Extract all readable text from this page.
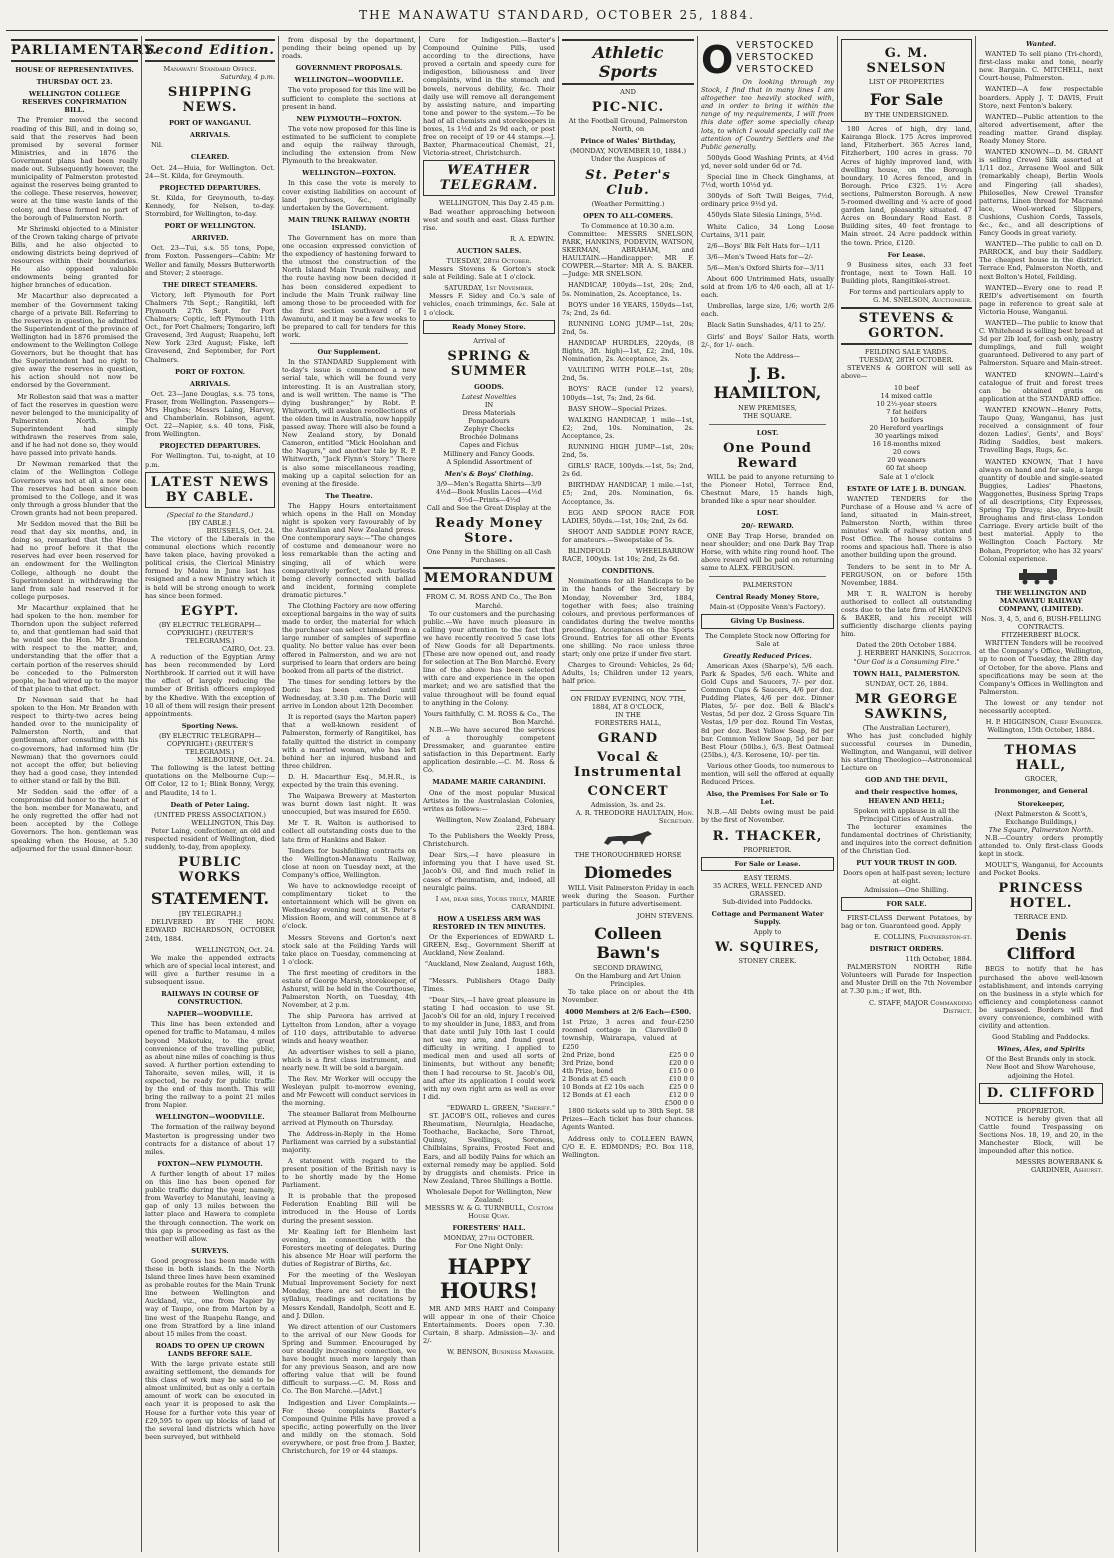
THE MANAWATU STANDARD, OCTOBER 25, 1884.
PARLIAMENTARY.
HOUSE OF REPRESENTATIVES.
THURSDAY OCT. 23.
WELLINGTON COLLEGE RESERVES CONFIRMATION BILL.

The Premier moved the second reading of this Bill, and in doing so, said that the reserves had been promised by several former Ministries, and in 1876 the Government plans had been really made out. Subsequently however, the municipality of Palmerston protested against the reserves being granted to the college. These reserves, however, were at the time waste lands of the colony, and these formed no part of the borough of Palmerston North.

Mr Shrimski objected to a Minister of the Crown taking charge of private Bills, and he also objected to endowing districts being deprived of resources within their boundaries. He also opposed valuable endowments being granted for higher branches of education.

Mr Macarthur also deprecated a member of the Government taking charge of a private Bill. Referring to the reserves in question, he admitted the Superintendent of the province of Wellington had in 1876 promised the endowment to the Wellington College Governors, but he thought that has the Superintendent had no right to give away the reserves in question, his action should not now be endorsed by the Government.

Mr Rolleston said that was a matter of fact the reserves in question were never belonged to the municipality of Palmerston North. The Superintendent had simply withdrawn the reserves from sale, and if he had not done so, they would have passed into private hands.

Dr Newman remarked that the claim of the Wellington College Governors was not at all a new one. The reserves had been since been promised to the College, and it was only through a gross blunder that the Crown grants had not been prepared.

Mr Seddon moved that the Bill be read that day six months, and, in doing so, remarked that the House had no proof before it that the reserves had ever been reserved for an endowment for the Wellington College, although no doubt the Superintendent in withdrawing the land from sale had reserved it for college purposes.

Mr Macarthur explained that he had spoken to the hon. member for Thorndon upon the subject referred to, and that gentleman had said that he would see the Hon. Mr Brandon with respect to the matter, and, understanding that the offer that a certain portion of the reserves should be conceded to the Palmerston people, he had wired up to the mayor of that place to that effect.

Dr Newman said that he had spoken to the Hon. Mr Brandon with respect to thirty-two acres being handed over to the municipality of Palmerston North, and that gentleman, after consulting with his co-governors, had informed him (Dr Newman) that the governors could not accept the offer, but believing they had a good case, they intended to either stand or fall by the Bill.

Mr Seddon said the offer of a compromise did honor to the heart of the hon. member for Manawatu, and he only regretted the offer had not been accepted by the College Governors. The hon. gentleman was speaking when the House, at 5.30 adjourned for the usual dinner-hour.

Second Edition.
Manawatu Standard Office.
Saturday, 4 p.m.
SHIPPING NEWS.
PORT OF WANGANUI.
ARRIVALS.

Nil.

CLEARED.

Oct. 24—Huia, for Wellington. Oct. 24—St. Kilda, for Greymouth.

PROJECTED DEPARTURES.

St. Kilda, for Greymouth, to-day. Kennedy, for Nelson, to-day. Stormbird, for Wellington, to-day.

PORT OF WELLINGTON.
ARRIVED.

Oct. 23—Tui, s.s. 55 tons, Pope, from Foxton. Passengers—Cabin: Mr Weller and family, Messrs Butterworth and Stover; 2 steerage.

THE DIRECT STEAMERS.

Victory, left Plymouth for Port Chalmers 7th Sept.; Rangitiki, left Plymouth 27th Sept. for Port Chalmers; Coptic, left Plymouth 11th Oct., for Port Chalmers; Tongariro, left Gravesend, 3rd August; Ruapehu, left New York 23rd August; Fiske, left Gravesend, 2nd September, for Port Chalmers.

PORT OF FOXTON.
ARRIVALS.

Oct. 23—Jane Douglas, s.s. 75 tons, Fraser, from Wellington. Passengers—Mrs Hughes; Messrs Laing, Harvey, and Chamberlain. Robinson, agent. Oct. 22—Napier, s.s. 40 tons, Fisk, from Wellington.

PROJECTED DEPARTURES.

For Wellington. Tui, to-night, at 10 p.m.

LATEST NEWS BY CABLE.
(Special to the Standard.)
[BY CABLE.]
BRUSSELS, Oct. 24.

The victory of the Liberals in the communal elections which recently have taken place, having provoked a political crisis, the Clerical Ministry formed by Malou in June last has resigned and a new Ministry which it is held will be strong enough to work has since been formed.

EGYPT.
(BY ELECTRIC TELEGRAPH—COPYRIGHT.) (REUTER'S TELEGRAMS.)
CAIRO, Oct. 23.

A reduction of the Egyptian Army has been recommended by Lord Northbrook. If carried out it will have the effect of largely reducing the number of British officers employed by the Khedive. With the exception of 10 all of them will resign their present appointments.

Sporting News.
(BY ELECTRIC TELEGRAPH—COPYRIGHT.) (REUTER'S TELEGRAMS.)
MELBOURNE, Oct. 24.

The following is the latest betting quotations on the Melbourne Cup:—Off Color, 12 to 1; Blink Bonny, Vergy, and Plaudite, 14 to 1.

Death of Peter Laing.
(UNITED PRESS ASSOCIATION.)
WELLINGTON, This Day.

Peter Laing, confectioner, an old and respected resident of Wellington, died suddenly, to-day, from apoplexy.

PUBLIC WORKS
STATEMENT.
[BY TELEGRAPH.]

DELIVERED BY THE HON. EDWARD RICHARDSON, OCTOBER 24th, 1884.

WELLINGTON, Oct. 24.

We make the appended extracts which are of special local interest, and will give a further resume in a subsequent issue.

RAILWAYS IN COURSE OF CONSTRUCTION.
NAPIER—WOODVILLE.

This line has been extended and opened for traffic to Matamau, 4 miles beyond Makotuku, to the great convenience of the travelling public, as about nine miles of coaching is thus saved. A further portion extending to Tahoraite, seven miles, will, it is expected, be ready for public traffic by the end of this month. This will bring the railway to a point 21 miles from Napier.

WELLINGTON—WOODVILLE.

The formation of the railway beyond Masterton is progressing under two contracts for a distance of about 17 miles.

FOXTON—NEW PLYMOUTH.

A further length of about 17 miles on this line has been opened for public traffic during the year, namely, from Waverley to Manutahi, leaving a gap of only 13 miles between the latter place and Hawera to complete the through connection. The work on this gap is proceeding as fast as the weather will allow.

SURVEYS.

Good progress has been made with these in both islands. In the North Island three lines have been examined as probable routes for the Main Trunk line between Wellington and Auckland, viz., one from Napier by way of Taupo, one from Marton by a line west of the Ruapehu Range, and one from Stratford by a line inland about 15 miles from the coast.

ROADS TO OPEN UP CROWN LANDS BEFORE SALE.

With the large private estate still awaiting settlement, the demands for this class of work may be said to be almost unlimited, but as only a certain amount of work can be executed in each year it is proposed to ask the House for a further vote this year of £29,595 to open up blocks of land of the several land districts which have been surveyed, but withheld

from disposal by the department, pending their being opened up by roads.

GOVERNMENT PROPOSALS.
WELLINGTON—WOODVILLE.

The vote proposed for this line will be sufficient to complete the sections at present in hand.

NEW PLYMOUTH—FOXTON.

The vote now proposed for this line is estimated to be sufficient to complete and equip the railway through, including the extension from New Plymouth to the breakwater.

WELLINGTON—FOXTON.

In this case the vote is merely to cover existing liabilities on account of land purchases, &c., originally undertaken by the Government.

MAIN TRUNK RAILWAY (NORTH ISLAND).

The Government has on more than one occasion expressed conviction of the expediency of hastening forward to the utmost the construction of the North Island Main Trunk railway, and the route having now been decided it has been considered expedient to include the Main Trunk railway line among those to be proceeded with for the first section southward of Te Awamutu, and it may be a few weeks to be prepared to call for tenders for this work.

Our Supplement.

In the STANDARD Supplement with to-day's issue is commenced a new serial tale, which will be found very interesting. It is an Australian story, and is well written. The name is "The dying bushranger," by Robt. P. Whitworth, will awaken recollections of the olden time in Australia, now happily passed away. There will also be found a New Zealand story, by Donald Cameron, entitled "Mick Hoolahan and the Nagurs," and another tale by R. P. Whitworth, "Jack Flynn's Story." There is also some miscellaneous reading, making up a capital selection for an evening at the fireside.

The Theatre.

The Happy Hours entertainment which opens in the Hall on Monday night is spoken very favourably of by the Australian and New Zealand press. One contemporary says:—"The changes of costume and demeanour were no less remarkable than the acting and singing, all of which were comparatively perfect, each burlesta being cleverly connected with ballad and incident, forming complete dramatic pictures."

The Clothing Factory are now offering exceptional bargains in the way of suits made to order, the material for which the purchaser can select himself from a large number of samples of superfine quality. No better value has ever been offered in Palmerston, and we are not surprised to learn that orders are being booked from all parts of the district.

The times for sending letters by the Doric has been extended until Wednesday, at 3.30 p.m. The Doric will arrive in London about 12th December.

It is reported (says the Marton paper) that a well-known resident of Palmerston, formerly of Rangitikei, has fatally quitted the district in company with a married woman, who has left behind her an injured husband and three children.

D. H. Macarthur Esq., M.H.R., is expected by the train this evening.

The Waipawa Brewery at Masterton was burnt down last night. It was unoccupied, but was insured for £650.

Mr T. R. Walton is authorised to collect all outstanding costs due to the late firm of Hankins and Baker.

Tenders for bushfelling contracts on the Wellington-Manawatu Railway, close at noon on Tuesday next, at the Company's office, Wellington.

We have to acknowledge receipt of complimentary ticket to the entertainment which will be given on Wednesday evening next, at St. Peter's Mission Room, and will commence at 8 o'clock.

Messrs Stevens and Gorton's next stock sale at the Feilding Yards will take place on Tuesday, commencing at 1 o'clock.

The first meeting of creditors in the estate of George Marsh, storekeeper, of Ashurst, will be held in the Courthouse, Palmerston North, on Tuesday, 4th November, at 2 p.m.

The ship Pareora has arrived at Lyttelton from London, after a voyage of 110 days, attributable to adverse winds and heavy weather.

An advertiser wishes to sell a piano, which is a first class instrument, and nearly new. It will be sold a bargain.

The Rev. Mr Worker will occupy the Wesleyan pulpit to-morrow evening, and Mr Fewcett will conduct services in the morning.

The steamer Ballarat from Melbourne arrived at Plymouth on Thursday.

The Address-in-Reply in the Home Parliament was carried by a substantial majority.

A statement with regard to the present position of the British navy is to be shortly made by the Home Parliament.

It is probable that the proposed Federation Enabling Bill will be introduced in the House of Lords during the present session.

Mr Kealing left for Blenheim last evening, in connection with the Foresters meeting of delegates. During his absence Mr Hoar will perform the duties of Registrar of Births, &c.

For the meeting of the Wesleyan Mutual Improvement Society for next Monday, there are set down in the syllabus, readings and recitations by Messrs Kendall, Randolph, Scott and E. and J. Dillon.

We direct attention of our Customers to the arrival of our New Goods for Spring and Summer. Encouraged by our steadily increasing connection, we have bought much more largely than for any previous Season, and are now offering value that will be found difficult to surpass.—C. M. Ross and Co. The Bon Marché.—[Advt.]

Indigestion and Liver Complaints.—For these complaints Baxter's Compound Quinine Pills have proved a specific, acting powerfully on the liver and mildly on the stomach. Sold everywhere, or post free from J. Baxter, Christchurch, for 19 or 44 stamps.

Cure for Indigestion.—Baxter's Compound Quinine Pills, used according to the directions, have proved a certain and speedy cure for indigestion, biliousness and liver complaints, wind in the stomach and bowels, nervous debility, &c. Their daily use will remove all derangement by assisting nature, and imparting tone and power to the system.—To be had of all chemists and storekeepers in boxes, 1s 1½d and 2s 9d each, or post free on receipt of 19 or 44 stamps.—J. Baxter, Pharmaceutical Chemist, 21, Victoria-street, Christchurch.

WEATHER TELEGRAM.
WELLINGTON, This Day 2.45 p.m.

Bad weather approaching between west and south and east. Glass further rise.

R. A. EDWIN.
AUCTION SALES.
TUESDAY, 28th October.

Messrs Stevens & Gorton's stock sale at Feilding. Sale at 1 o'clock.

SATURDAY, 1st November.

Messrs F. Sidey and Co.'s sale of vehicles, coach trimmings, &c. Sale at 1 o'clock.

Ready Money Store.
Arrival of
SPRING & SUMMER
GOODS.
Latest Novelties
IN
Dress Materials
Pompadours
Zephyr Checks
Brochée Dolmans
Capes and Fichus
Millinery and Fancy Goods.
A Splendid Assortment of
Men's & Boys' Clothing.
3/9—Men's Regatta Shirts—3/9
4½d—Book Muslin Laces—4½d
4½d—Prints—4½d
Call and See the Great Display at the
Ready Money Store.
One Penny in the Shilling on all Cash Purchases.
MEMORANDUM
FROM C. M. ROSS AND Co., The Bon Marché.

To our customers and the purchasing public.—We have much pleasure in calling your attention to the fact that we have recently received 5 case lots of New Goods for all Departments. [These are now opened out, and ready for selection at The Bon Marché. Every line of the above has been selected with care and experience in the open market; and we are satisfied that the value throughout will be found equal to anything in the Colony.

Yours faithfully, C. M. ROSS & Co., The Bon Marché.

N.B.—We have secured the services of a thoroughly competent Dressmaker, and guarantee entire satisfaction in this Department. Early application desirable.—C. M. Ross & Co.

MADAME MARIE CARANDINI.

One of the most popular Musical Artistes in the Australasian Colonies, writes as follows:—

Wellington, New Zealand, February 23rd, 1884.

To the Publishers the Weekly Press, Christchurch.

Dear Sirs,—I have pleasure in informing you that I have used St. Jacob's Oil, and find much relief in cases of rheumatism, and, indeed, all neuralgic pains.

I am, dear sirs, Yours truly, MARIE CARANDINI.
HOW A USELESS ARM WAS RESTORED IN TEN MINUTES.

Or the Experiences of EDWARD L. GREEN, Esq., Government Sheriff at Auckland, New Zealand.

"Auckland, New Zealand, August 16th, 1883.

"Messrs. Publishers Otago Daily Times.

"Dear Sirs,—I have great pleasure in stating I had occasion to use St. Jacob's Oil for an old, injury I received to my shoulder in June, 1883, and from that date until July 10th last I could not use my arm, and found great difficulty in writing. I applied to medical men and used all sorts of liniments, but without any benefit; then I had recourse to St. Jacob's Oil, and after its application I could work with my own right arm as well as ever I did.

"EDWARD L. GREEN, "Sheriff."

ST. JACOB'S OIL, relieves and cures Rheumatism, Neuralgia, Headache, Toothache, Backache, Sore Throat, Quinsy, Swellings, Soreness, Chilblains, Sprains, Frosted Feet and Ears, and all bodily Pains for which an external remedy may be applied. Sold by druggists and chemists. Price in New Zealand, Three Shillings a Bottle.

Wholesale Depot for Wellington, New Zealand:
MESSRS W. & G. TURNBULL, Custom House Quay.
FORESTERS' HALL.
MONDAY, 27th OCTOBER.
For One Night Only:
HAPPY HOURS!

MR AND MRS HART and Company will appear in one of their Choice Entertainments. Doors open 7.30. Curtain, 8 sharp. Admission—3/- and 2/-

W. BENSON, Business Manager.
Athletic Sports
AND
PIC-NIC.
At the Football Ground, Palmerston North, on
Prince of Wales' Birthday,
(MONDAY, NOVEMBER 10, 1884.)
Under the Auspices of
St. Peter's Club.
(Weather Permitting.)
OPEN TO ALL-COMERS.
To Commence at 10.30 a.m.

Committee: MESSRS SNELSON, PARK, HANKINS, PODEVIN, WATSON, SKERMAN, ABRAHAM, and HAULTAIN.—Handicapper: MR F. COWPER.—Starter: MR A. S. BAKER.—Judge: MR SNELSON.

HANDICAP, 100yds—1st, 20s; 2nd, 5s. Nomination, 2s. Acceptance, 1s.

BOYS under 16 YEARS, 150yds—1st, 7s; 2nd, 2s 6d.

RUNNING LONG JUMP—1st, 20s; 2nd, 5s.

HANDICAP HURDLES, 220yds, (8 flights, 3ft. high)—1st, £2; 2nd, 10s. Nomination, 2s. Acceptance, 2s.

VAULTING WITH POLE—1st, 20s; 2nd, 5s.

BOYS' RACE (under 12 years), 100yds—1st, 7s; 2nd, 2s 6d.

BASY SHOW—Special Prizes.

WALKING HANDICAP, 1 mile—1st, £2; 2nd, 10s. Nomination, 2s. Acceptance, 2s.

RUNNING HIGH JUMP—1st, 20s; 2nd, 5s.

GIRLS' RACE, 100yds.—1st, 5s; 2nd, 2s 6d.

BIRTHDAY HANDICAP, 1 mile.—1st, £5; 2nd, 20s. Nomination, 6s. Acceptance, 3s.

EGG AND SPOON RACE FOR LADIES, 50yds.—1st, 10s; 2nd, 2s 6d.

SHOOT AND SADDLE PONY RACE, for amateurs.—Sweepstake of 5s.

BLINDFOLD WHEELBARROW RACE, 100yds. 1st 10s; 2nd, 2s 6d.

CONDITIONS.

Nominations for all Handicaps to be in the hands of the Secretary by Monday, November 3rd, 1884, together with fees; also training colours, and previous performances of candidates during the twelve months preceding. Acceptances on the Sports Ground. Entries for all other Events one shilling. No race unless three start; only one prize if under five start.

Charges to Ground: Vehicles, 2s 6d; Adults, 1s; Children under 12 years, half price.

ON FRIDAY EVENING, NOV. 7TH, 1884, AT 8 O'CLOCK,
IN THE
FORESTERS HALL,
GRAND
Vocal & Instrumental
CONCERT
Admission, 3s. and 2s.
A. R. THEODORE HAULTAIN, Hon. Secretary.
THE THOROUGHBRED HORSE
Diomedes

WILL Visit Palmerston Friday in each week during the Season. Further particulars in future advertisement.

JOHN STEVENS.
Colleen Bawn's
SECOND DRAWING,
On the Hamburg and Art Union Principles.

To take place on or about the 4th November.

4000 Members at 2/6 Each—£500.
1st Prize, 3 acres and four-roomed cottage in Clareville township, Wairarapa, valued at £250
£250 0 0
2nd Prize, bond	£25 0 0
3rd Prize, bond	£20 0 0
4th Prize, bond	£15 0 0
2 Bonds at £5 each	£10 0 0
10 Bonds at £2 10s each	£25 0 0
12 Bonds at £1 each	£12 0 0
£500 0 0

1800 tickets sold up to 30th Sept. 58 Prizes—Each ticket has four chances. Agents Wanted.

Address only to COLLEEN BAWN, C/O E. E. EDMONDS; P.O. Box 118, Wellington.

O VERSTOCKED
VERSTOCKED
VERSTOCKED

On looking through my Stock, I find that in many lines I am altogether too heavily stocked with, and in order to bring it within the range of my requirements, I will from this date offer some specially cheap lots, to which I would specially call the attention of Country Settlers and the Public generally.

500yds Good Washing Prints, at 4½d yd, never sold under 6d or 7d.

Special line in Check Ginghams, at 7½d, worth 10½d yd.

300yds of Soft Twill Beiges, 7½d, ordinary price 9½d yd.

450yds Slate Silesia Linings, 5½d.

White Calico, 34 Long Loose Curtains, 3/11 pair.

2/6—Boys' Blk Felt Hats for—1/11

3/6—Men's Tweed Hats for—2/-

5/6—Men's Oxford Shirts for—3/11

About 600 Untrimmed Hats, usually sold at from 1/6 to 4/6 each, all at 1/- each.

Umbrellas, large size, 1/6; worth 2/6 each.

Black Satin Sunshades, 4/11 to 25/.

Girls' and Boys' Sailor Hats, worth 2/-, for 1/- each.

Note the Address—
J. B. HAMILTON,
NEW PREMISES,
THE SQUARE.
LOST.
One Pound Reward

WILL be paid to anyone returning to the Pioneer Hotel, Terrace End, Chestnut Mare, 15 hands high, branded like a spur near shoulder.

LOST.
20/- REWARD.

ONE Bay Trap Horse, branded on near shoulder; and one Dark Bay Trap Horse, with white ring round hoof. The above reward will be paid on returning same to ALEX. FERGUSON.

PALMERSTON
Central Ready Money Store,
Main-st (Opposite Venn's Factory).
Giving Up Business.
The Complete Stock now Offering for Sale at
Greatly Reduced Prices.

American Axes (Sharpe's), 5/6 each. Park & Spades, 5/6 each. White and Gold Cups and Saucers, 7/- per doz. Common Cups & Saucers, 4/6 per doz. Pudding Plates, 4/6 per doz. Dinner Plates, 5/- per doz. Bell & Black's Vestas, 5d per doz. 2 Gross Square Tin Vestas, 1/9 per doz. Round Tin Vestas, 8d per doz. Best Yellow Soap, 8d per bar. Common Yellow Soap, 5d per bar. Best Flour (50lbs.), 6/3. Best Oatmeal (25lbs.), 4/3. Kerosene, 10/- per tin.

Various other Goods, too numerous to mention, will sell the offered at equally Reduced Prices.

Also, the Premises For Sale or To Let.

N.B.—All Debts owing must be paid by the first of November.

R. THACKER,
PROPRIETOR.
For Sale or Lease.
EASY TERMS.
35 ACRES, WELL FENCED AND GRASSED.
Sub-divided into Paddocks.
Cottage and Permanent Water Supply.
Apply to
W. SQUIRES,
STONEY CREEK.
G. M. SNELSON
LIST OF PROPERTIES
For Sale
BY THE UNDERSIGNED.

180 Acres of high, dry land, Kairanga Block. 175 Acres improved land, Fitzherbert. 365 Acres land, Fitzherbert, 100 acres in grass. 70 Acres of highly improved land, with dwelling house, on the Borough boundary. 10 Acres fenced, and in Borough. Price £325. 1½ Acre sections, Palmerston Borough. A new 5-roomed dwelling and ¼ acre of good garden land, pleasantly situated. 47 Acres on Boundary Road East. 8 Building sites, 40 feet frontage to Main street. 24 Acre paddock within the town. Price, £120.

For Lease.

9 Business sites, each 33 feet frontage, next to Town Hall. 10 Building plots, Rangitikei-street.

For terms and particulars apply to
G. M. SNELSON, Auctioneer.
STEVENS & GORTON.
FEILDING SALE YARDS.
TUESDAY, 28TH OCTOBER.

STEVENS & GORTON will sell as above—

10 beef
14 mixed cattle
10 2½-year steers
7 fat heifers
10 heifers
20 Hereford yearlings
30 yearlings mixed
16 18-months mixed
20 cows
20 weaners
60 fat sheep
Sale at 1 o'clock
ESTATE OF LATE J. B. DUNGAN.

WANTED TENDERS for the Purchase of a House and ¼ acre of land, situated in Main-street, Palmerston North, within three minutes' walk of railway station and Post Office. The house contains 5 rooms and spacious hall. There is also another building upon the ground.

Tenders to be sent in to Mr A. FERGUSON, on or before 15th November, 1884.

MR T. R. WALTON is hereby authorised to collect all outstanding costs due to the late firm of HANKINS & BAKER, and his receipt will sufficiently discharge clients paying him.

Dated the 20th October 1884.
J. HERBERT HANKINS, Solicitor.
"Our God is a Consuming Fire."
TOWN HALL, PALMERSTON.
SUNDAY, OCT. 26, 1884.
MR GEORGE SAWKINS,
(The Australian Lecturer),

Who has just concluded highly successful courses in Dunedin, Wellington, and Wanganui, will deliver his startling Theologico—Astronomical Lecture on

GOD AND THE DEVIL,
and their respective homes, HEAVEN AND HELL;
Spoken with applause in all the Principal Cities of Australia.

The lecturer examines the fundamental doctrines of Christianity, and inquires into the correct definition of the Christian God.

PUT YOUR TRUST IN GOD.
Doors open at half-past seven; lecture at eight.
Admission—One Shilling.
FOR SALE.

FIRST-CLASS Derwent Potatoes, by bag or ton. Guaranteed good. Apply

E. COLLINS, Featherston-st.
DISTRICT ORDERS.
11th October, 1884.

PALMERSTON NORTH Rifle Volunteers will Parade for Inspection and Muster Drill on the 7th November at 7.30 p.m.; if wet, 8th.

C. STAFF, MAJOR Commanding District.
Wanted.

WANTED To sell piano (Tri-chord), first-class make and tone, nearly new. Bargain. C. MITCHELL, next Court-house, Palmerston.

WANTED—A few respectable boarders. Apply J. T. DAVIS, Fruit Store, next Fenton's bakery.

WANTED—Public attention to the altered advertisement, after the reading matter. Grand display. Ready Money Store.

WANTED KNOWN—D. M. GRANT is selling Crewel Silk assorted at 1/11 doz., Arrasene Wool and Silk (remarkably cheap), Berlin Wools and Fingering (all shades), Philoselles, New Crewel Transfer patterns, Linen thread for Macramé lace, Wool-worked Slippers, Cushions, Cushion Cords, Tassels, &c., &c., and all descriptions of Fancy Goods in great variety.

WANTED—The public to call on D. PARROCK, and buy their Saddlery. The cheapest house in the district. Terrace End, Palmerston North, and next Bolton's Hotel, Feilding.

WANTED—Every one to read P. REID's advertisement on fourth page in reference to great sale at Victoria House, Wanganui.

WANTED—The public to know that C. Whitehead is selling best bread at 3d per 2lb loaf, for cash only, pastry dumplings, and full weight guaranteed. Delivered to any part of Palmerston. Square and Main-street.

WANTED KNOWN—Laird's catalogue of fruit and forest trees can be obtained gratis on application at the STANDARD office.

WANTED KNOWN—Henry Potts, Taupo Quay, Wanganui, has just received a consignment of four dozen Ladies', Gents', and Boys' Riding Saddles, best makers. Travelling Bags, Rugs, &c.

WANTED KNOWN, That I have always on hand and for sale, a large quantity of double and single-seated Buggies, Ladies' Phaetons, Waggonettes, Business Spring Traps of all descriptions, City Expresses, Spring Tip Drays; also, Bryce-built Broughams and first-class London Carriage. Every article built of the best material. Apply to the Wellington Coach Factory. Mr Bohan, Proprietor, who has 32 years' Colonial experience.

THE WELLINGTON AND MANAWATU RAILWAY COMPANY, (LIMITED).
Nos. 3, 4, 5, and 6, BUSH-FELLING CONTRACTS.
FITZHERBERT BLOCK.

WRITTEN Tenders will be received at the Company's Office, Wellington, up to noon of Tuesday, the 28th day of October, for the above. Plans and specifications may be seen at the Company's Offices in Wellington and Palmerston.

The lowest or any tender not necessarily accepted.

H. P. HIGGINSON, Chief Engineer.
Wellington, 15th October, 1884.
THOMAS HALL,
GROCER,
Ironmonger, and General
Storekeeper,
(Next Palmerston & Scott's, Exchange Buildings,)
The Square, Palmerston North.

N.B.—Country orders promptly attended to. Only first-class Goods kept in stock.

MOULT'S, Wanganui, for Accounts and Pocket Books.

PRINCESS HOTEL.
TERRACE END.
Denis Clifford

BEGS to notify that he has purchased the above well-known establishment, and intends carrying on the business in a style which for efficiency and completeness cannot be surpassed. Borders will find every convenience, combined with civility and attention.

Good Stabling and Paddocks.
Wines, Ales, and Spirits
Of the Best Brands only in stock.
New Boot and Show Warehouse, adjoining the Hotel.
D. CLIFFORD
PROPRIETOR.

NOTICE is hereby given that all Cattle found Trespassing on Sections Nos. 18, 19, and 20, in the Manchester Block, will be impounded after this notice.

MESSRS BOWERBANK & GARDINER, Ashurst.
